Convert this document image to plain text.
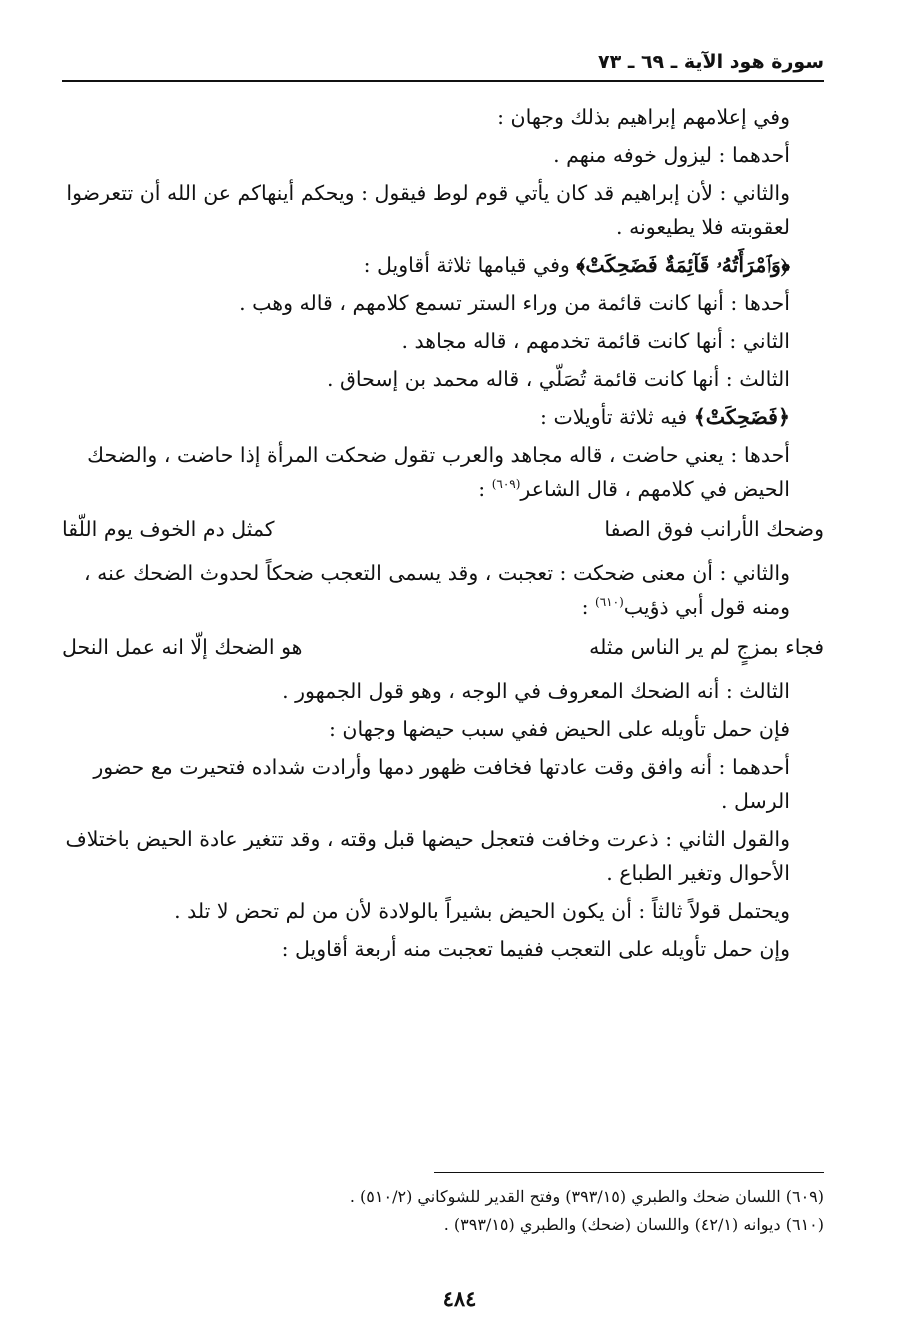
سورة هود الآية ـ ٦٩ ـ ٧٣

وفي إعلامهم إبراهيم بذلك وجهان :

أحدهما : ليزول خوفه منهم .

والثاني : لأن إبراهيم قد كان يأتي قوم لوط فيقول : ويحكم أينهاكم عن الله أن تتعرضوا لعقوبته فلا يطيعونه .

﴿وَٱمْرَأَتُهُۥ قَآئِمَةٌ فَضَحِكَتْ﴾ وفي قيامها ثلاثة أقاويل :

أحدها : أنها كانت قائمة من وراء الستر تسمع كلامهم ، قاله وهب .

الثاني : أنها كانت قائمة تخدمهم ، قاله مجاهد .

الثالث : أنها كانت قائمة تُصَلّي ، قاله محمد بن إسحاق .

﴿فَضَحِكَتْ﴾ فيه ثلاثة تأويلات :

أحدها : يعني حاضت ، قاله مجاهد والعرب تقول ضحكت المرأة إذا حاضت ، والضحك الحيض في كلامهم ، قال الشاعر$^{(٦٠٩)}$ :

وضحك الأرانب فوق الصفا
كمثل دم الخوف يوم اللّقا

والثاني : أن معنى ضحكت : تعجبت ، وقد يسمى التعجب ضحكاً لحدوث الضحك عنه ، ومنه قول أبي ذؤيب$^{(٦١٠)}$ :

فجاء بمزجٍ لم ير الناس مثله
هو الضحك إلّا انه عمل النحل

الثالث : أنه الضحك المعروف في الوجه ، وهو قول الجمهور .

فإن حمل تأويله على الحيض ففي سبب حيضها وجهان :

أحدهما : أنه وافق وقت عادتها فخافت ظهور دمها وأرادت شداده فتحيرت مع حضور الرسل .

والقول الثاني : ذعرت وخافت فتعجل حيضها قبل وقته ، وقد تتغير عادة الحيض باختلاف الأحوال وتغير الطباع .

ويحتمل قولاً ثالثاً : أن يكون الحيض بشيراً بالولادة لأن من لم تحض لا تلد .

وإن حمل تأويله على التعجب ففيما تعجبت منه أربعة أقاويل :

(٦٠٩) اللسان ضحك والطبري (٣٩٣/١٥) وفتح القدير للشوكاني (٥١٠/٢) .
(٦١٠) ديوانه (٤٢/١) واللسان (ضحك) والطبري (٣٩٣/١٥) .
٤٨٤
